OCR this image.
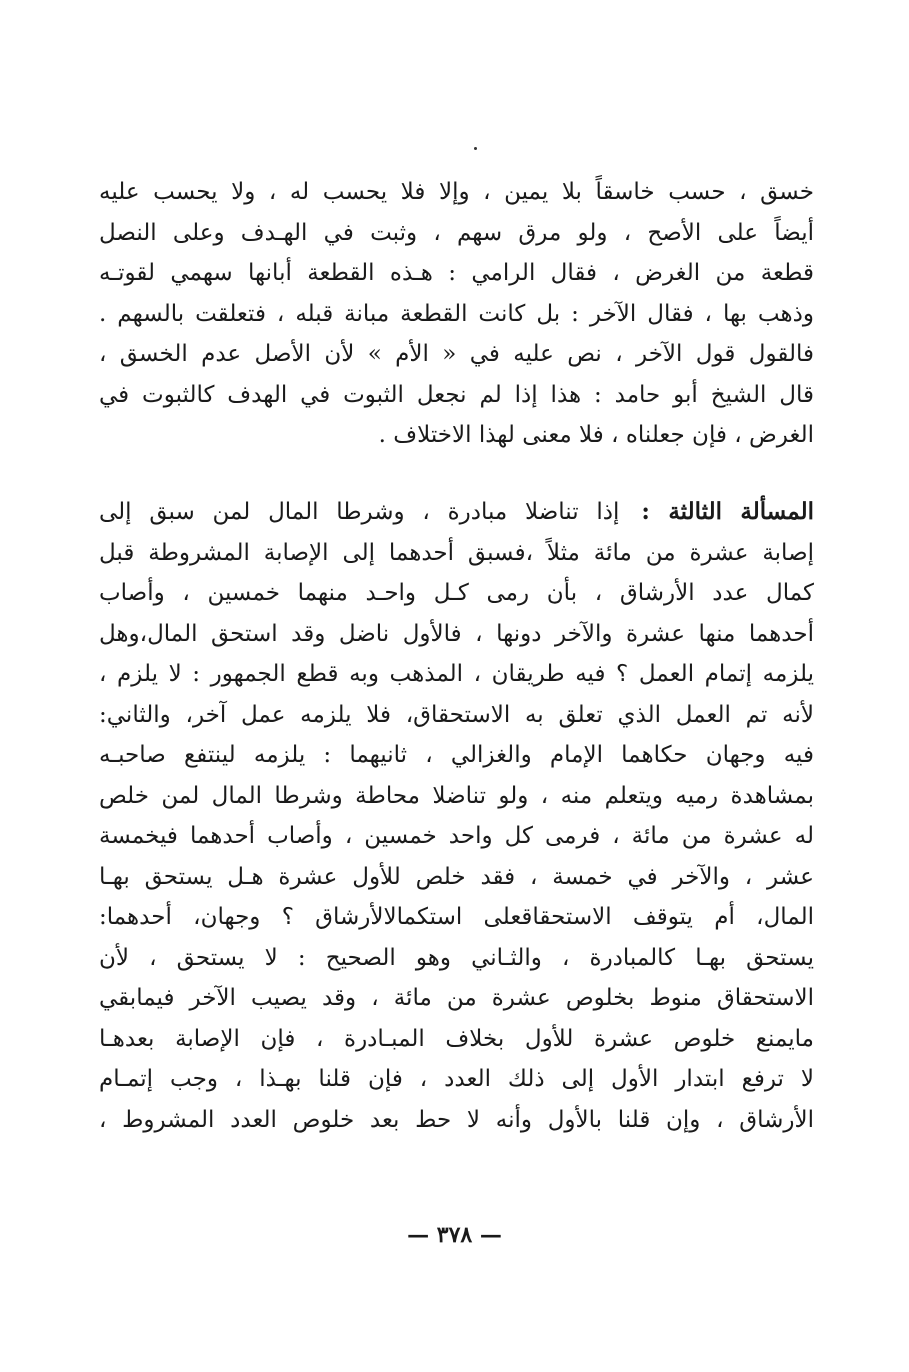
خسق ، حسب خاسقاً بلا يمين ، وإلا فلا يحسب له ، ولا يحسب عليه
أيضاً على الأصح ، ولو مرق سهم ، وثبت في الهـدف وعلى النصل
قطعة من الغرض ، فقال الرامي : هـذه القطعة أبانها سهمي لقوتـه
وذهب بها ، فقال الآخر : بل كانت القطعة مبانة قبله ، فتعلقت بالسهم .
فالقول قول الآخر ، نص عليه في « الأم » لأن الأصل عدم الخسق ،
قال الشيخ أبو حامد : هذا إذا لم نجعل الثبوت في الهدف كالثبوت في
الغرض ، فإن جعلناه ، فلا معنى لهذا الاختلاف .
المسألة الثالثة :إذا تناضلا مبادرة ، وشرطا المال لمن سبق إلى
إصابة عشرة من مائة مثلاً ،فسبق أحدهما إلى الإصابة المشروطة قبل
كمال عدد الأرشاق ، بأن رمى كـل واحـد منهما خمسين ، وأصاب
أحدهما منها عشرة والآخر دونها ، فالأول ناضل وقد استحق المال،وهل
يلزمه إتمام العمل ؟ فيه طريقان ، المذهب وبه قطع الجمهور : لا يلزم ،
لأنه تم العمل الذي تعلق به الاستحقاق، فلا يلزمه عمل آخر، والثاني:
فيه وجهان حكاهما الإمام والغزالي ، ثانيهما : يلزمه لينتفع صاحبـه
بمشاهدة رميه ويتعلم منه ، ولو تناضلا محاطة وشرطا المال لمن خلص
له عشرة من مائة ، فرمى كل واحد خمسين ، وأصاب أحدهما فيخمسة
عشر ، والآخر في خمسة ، فقد خلص للأول عشرة هـل يستحق بهـا
المال، أم يتوقف الاستحقاقعلى استكمالالأرشاق ؟ وجهان، أحدهما:
يستحق بهـا كالمبادرة ، والثـاني وهو الصحيح : لا يستحق ، لأن
الاستحقاق منوط بخلوص عشرة من مائة ، وقد يصيب الآخر فيمابقي
مايمنع خلوص عشرة للأول بخلاف المبـادرة ، فإن الإصابة بعدهـا
لا ترفع ابتدار الأول إلى ذلك العدد ، فإن قلنا بهـذا ، وجب إتمـام
الأرشاق ، وإن قلنا بالأول وأنه لا حط بعد خلوص العدد المشروط ،
— ٣٧٨ —
